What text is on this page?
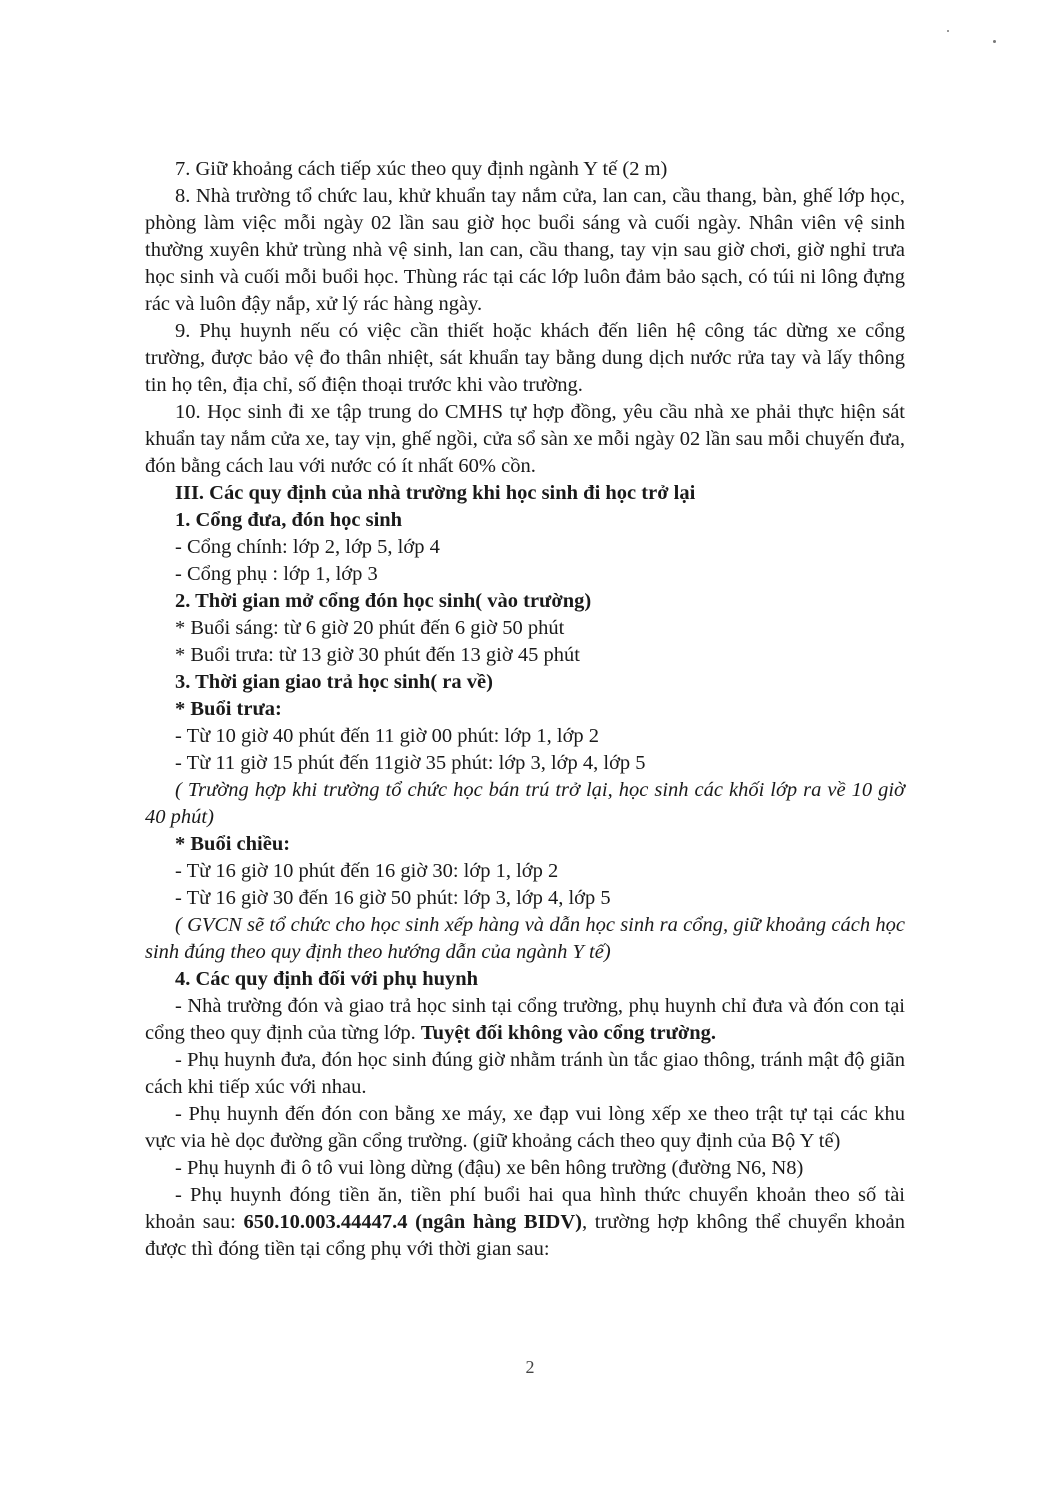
7. Giữ khoảng cách tiếp xúc theo quy định ngành Y tế (2 m)

8. Nhà trường tổ chức lau, khử khuẩn tay nắm cửa, lan can, cầu thang, bàn, ghế lớp học, phòng làm việc mỗi ngày 02 lần sau giờ học buổi sáng và cuối ngày. Nhân viên vệ sinh thường xuyên khử trùng nhà vệ sinh, lan can, cầu thang, tay vịn sau giờ chơi, giờ nghỉ trưa học sinh và cuối mỗi buổi học. Thùng rác tại các lớp luôn đảm bảo sạch, có túi ni lông đựng rác và luôn đậy nắp, xử lý rác hàng ngày.

9. Phụ huynh nếu có việc cần thiết hoặc khách đến liên hệ công tác dừng xe cổng trường, được bảo vệ đo thân nhiệt, sát khuẩn tay bằng dung dịch nước rửa tay và lấy thông tin họ tên, địa chỉ, số điện thoại trước khi vào trường.

10. Học sinh đi xe tập trung do CMHS tự hợp đồng, yêu cầu nhà xe phải thực hiện sát khuẩn tay nắm cửa xe, tay vịn, ghế ngồi, cửa sổ sàn xe mỗi ngày 02 lần sau mỗi chuyến đưa, đón bằng cách lau với nước có ít nhất 60% cồn.

III. Các quy định của nhà trường khi học sinh đi học trở lại

1. Cổng đưa, đón học sinh

- Cổng chính: lớp 2, lớp 5, lớp 4

- Cổng phụ : lớp 1, lớp 3

2. Thời gian mở cổng đón học sinh( vào trường)

* Buổi sáng: từ 6 giờ 20 phút đến 6 giờ 50 phút

* Buổi trưa: từ 13 giờ 30 phút đến 13 giờ 45 phút

3. Thời gian giao trả học sinh( ra về)

* Buổi trưa:

- Từ 10 giờ 40 phút đến 11 giờ 00 phút: lớp 1, lớp 2

- Từ 11 giờ 15 phút đến 11giờ 35 phút: lớp 3, lớp 4, lớp 5

( Trường hợp khi trường tổ chức học bán trú trở lại, học sinh các khối lớp ra về 10 giờ 40 phút)

* Buổi chiều:

- Từ 16 giờ 10 phút đến 16 giờ 30: lớp 1, lớp 2

- Từ 16 giờ 30 đến 16 giờ 50 phút: lớp 3, lớp 4, lớp 5

( GVCN sẽ tổ chức cho học sinh xếp hàng và dẫn học sinh ra cổng, giữ khoảng cách học sinh đúng theo quy định theo hướng dẫn của ngành Y tế)

4. Các quy định đối với phụ huynh

- Nhà trường đón và giao trả học sinh tại cổng trường, phụ huynh chỉ đưa và đón con tại cổng theo quy định của từng lớp. Tuyệt đối không vào cổng trường.

- Phụ huynh đưa, đón học sinh đúng giờ nhằm tránh ùn tắc giao thông, tránh mật độ giãn cách khi tiếp xúc với nhau.

- Phụ huynh đến đón con bằng xe máy, xe đạp vui lòng xếp xe theo trật tự tại các khu vực via hè dọc đường gần cổng trường. (giữ khoảng cách theo quy định của Bộ Y tế)

- Phụ huynh đi ô tô vui lòng dừng (đậu) xe bên hông trường (đường N6, N8)

- Phụ huynh đóng tiền ăn, tiền phí buổi hai qua hình thức chuyển khoản theo số tài khoản sau: 650.10.003.44447.4 (ngân hàng BIDV), trường hợp không thể chuyển khoản được thì đóng tiền tại cổng phụ với thời gian sau:

2
